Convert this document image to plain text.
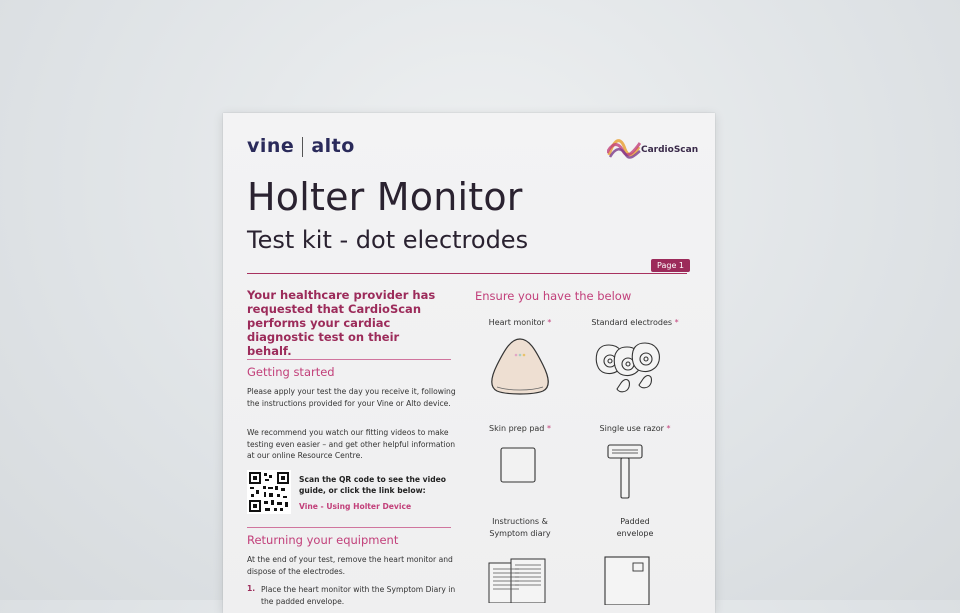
vine alto	CardioScan
Holter Monitor
Test kit - dot electrodes
Page 1
Your healthcare provider has requested that CardioScan performs your cardiac diagnostic test on their behalf.
Getting started
Please apply your test the day you receive it, following the instructions provided for your Vine or Alto device.
We recommend you watch our fitting videos to make testing even easier – and get other helpful information at our online Resource Centre.
Scan the QR code to see the video guide, or click the link below:
Vine - Using Holter Device
Returning your equipment
At the end of your test, remove the heart monitor and dispose of the electrodes.
1. Place the heart monitor with the Symptom Diary in the padded envelope.
Ensure you have the below
Heart monitor *	Standard electrodes *
Skin prep pad *	Single use razor *
Instructions &
Symptom diary
Padded
envelope
